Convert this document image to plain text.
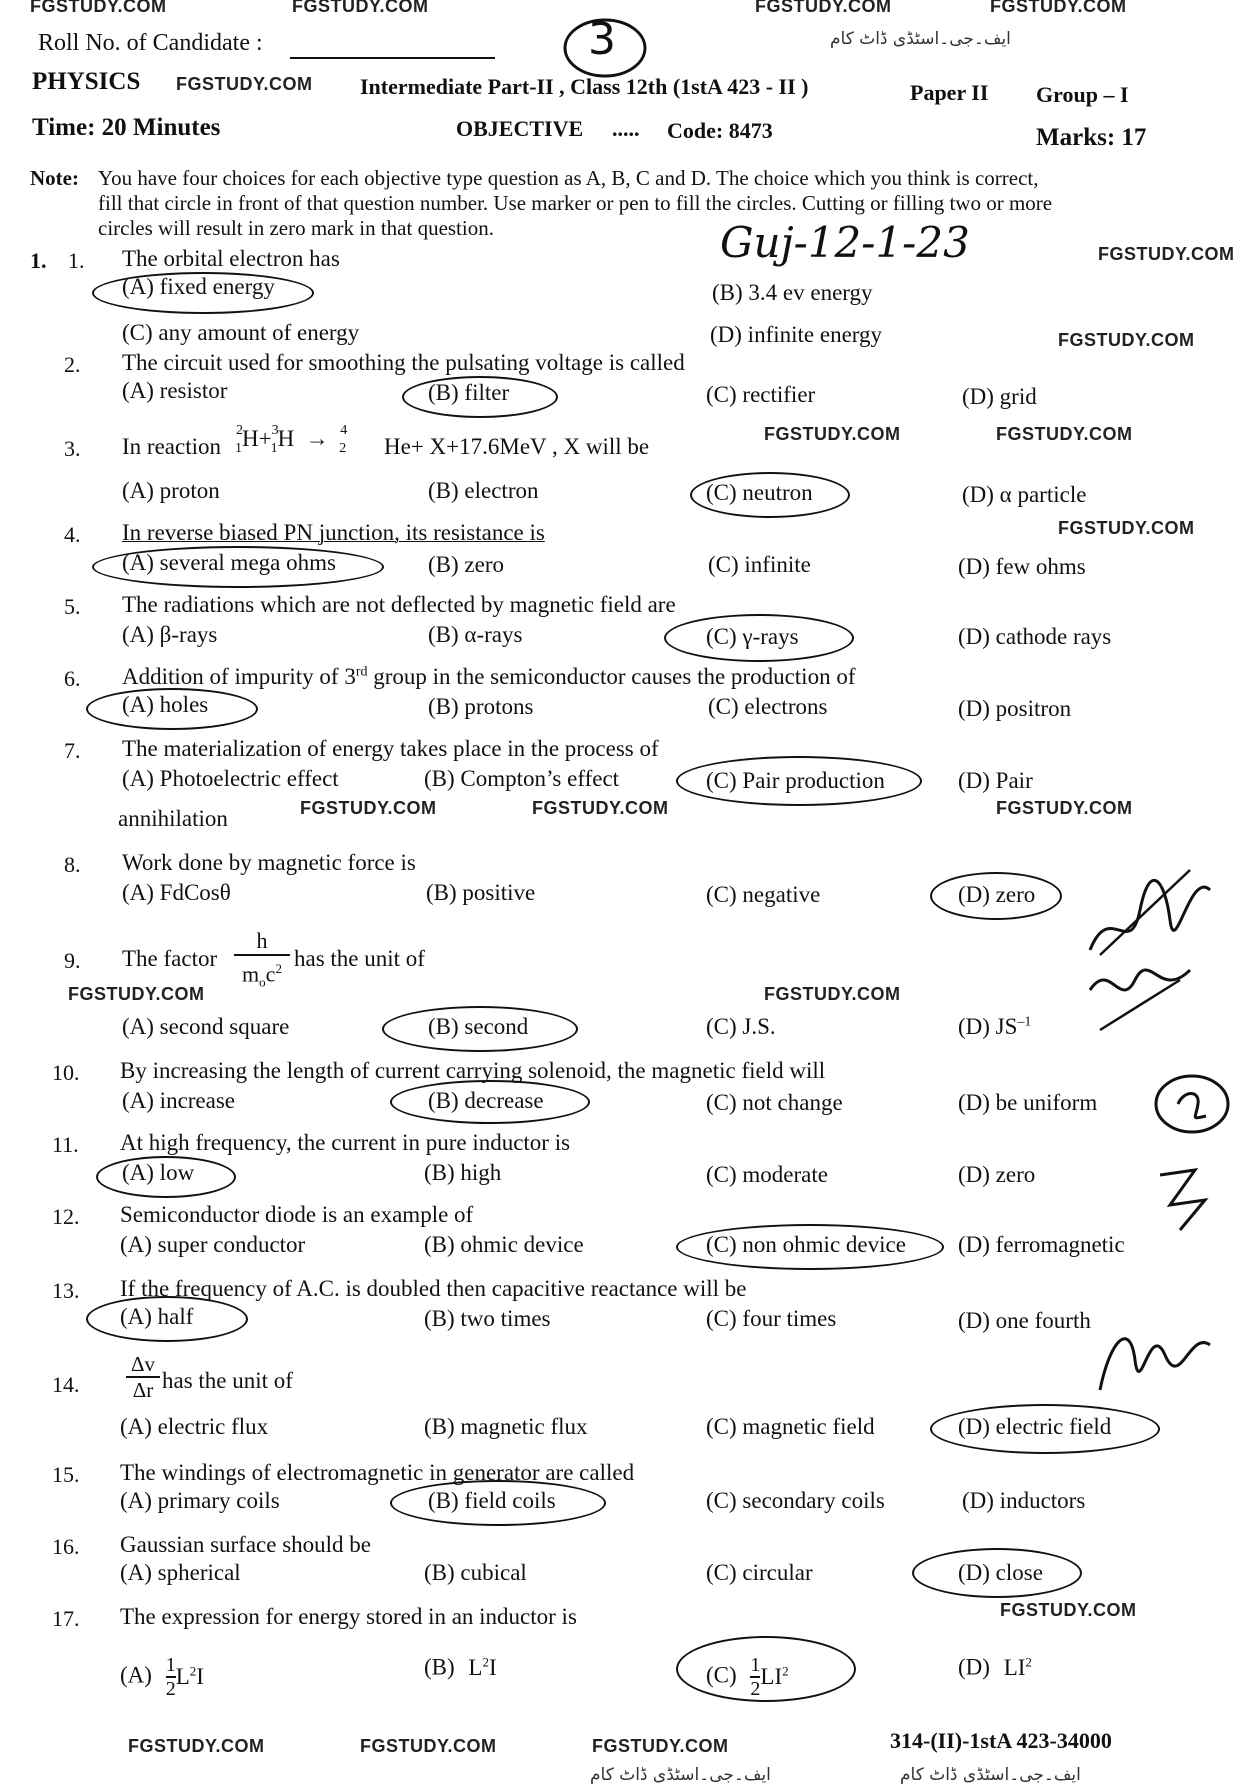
FGSTUDY.COM	FGSTUDY.COM	FGSTUDY.COM	FGSTUDY.COM
Roll No. of Candidate :	ایف۔جی۔اسٹڈی ڈاٹ کام
3
PHYSICS FGSTUDY.COM Intermediate Part-II , Class 12th (1stA 423 - II )	Paper II Group – I
Time: 20 Minutes	OBJECTIVE ..... Code: 8473	Marks: 17
Note: You have four choices for each objective type question as A, B, C and D. The choice which you think is correct,
fill that circle in front of that question number. Use marker or pen to fill the circles. Cutting or filling two or more
circles will result in zero mark in that question.	Guj-12-1-23	FGSTUDY.COM
1. 1. The orbital electron has
(A) fixed energy	(B) 3.4 ev energy
(C) any amount of energy	(D) infinite energy	FGSTUDY.COM
2. The circuit used for smoothing the pulsating voltage is called
(A) resistor	(B) filter	(C) rectifier	(D) grid
3. In reaction
$^2_1$H+$^3_1$H  →  $^4_2$ He+ X+17.6MeV , X will be	FGSTUDY.COM	FGSTUDY.COM
(A) proton	(B) electron	(C) neutron	(D) α particle
4. In reverse biased PN junction, its resistance is	FGSTUDY.COM
(A) several mega ohms	(B) zero	(C) infinite	(D) few ohms
5. The radiations which are not deflected by magnetic field are
(A) β-rays	(B) α-rays	(C) γ-rays	(D) cathode rays
6. Addition of impurity of 3rd group in the semiconductor causes the production of
(A) holes	(B) protons	(C) electrons	(D) positron
7. The materialization of energy takes place in the process of
(A) Photoelectric effect	(B) Compton’s effect	(C) Pair production	(D) Pair
annihilation	FGSTUDY.COM	FGSTUDY.COM	FGSTUDY.COM
8. Work done by magnetic force is
(A) FdCosθ	(B) positive	(C) negative	(D) zero
9. The factor
h
$m_oc^2$ has the unit of
FGSTUDY.COM	FGSTUDY.COM
(A) second square	(B) second	(C) J.S.	(D) $JS^{-1}$
10. By increasing the length of current carrying solenoid, the magnetic field will
(A) increase	(B) decrease	(C) not change	(D) be uniform
11. At high frequency, the current in pure inductor is
(A) low	(B) high	(C) moderate	(D) zero
12. Semiconductor diode is an example of
(A) super conductor	(B) ohmic device	(C) non ohmic device (D) ferromagnetic
13. If the frequency of A.C. is doubled then capacitive reactance will be
(A) half	(B) two times	(C) four times	(D) one fourth
14.
Δv
Δr has the unit of
(A) electric flux	(B) magnetic flux	(C) magnetic field	(D) electric field
15. The windings of electromagnetic in generator are called
(A) primary coils	(B) field coils	(C) secondary coils	(D) inductors
16. Gaussian surface should be
(A) spherical	(B) cubical	(C) circular	(D) close
17. The expression for energy stored in an inductor is	FGSTUDY.COM
$(A) \frac{1}{2} L^2I$	(B) $L^2I$	$(C) \frac{1}{2} LI^2$	(D) $LI^2$
FGSTUDY.COM	FGSTUDY.COM	FGSTUDY.COM	314-(II)-1stA 423-34000
ایف۔جی۔اسٹڈی ڈاٹ کام	ایف۔جی۔اسٹڈی ڈاٹ کام
